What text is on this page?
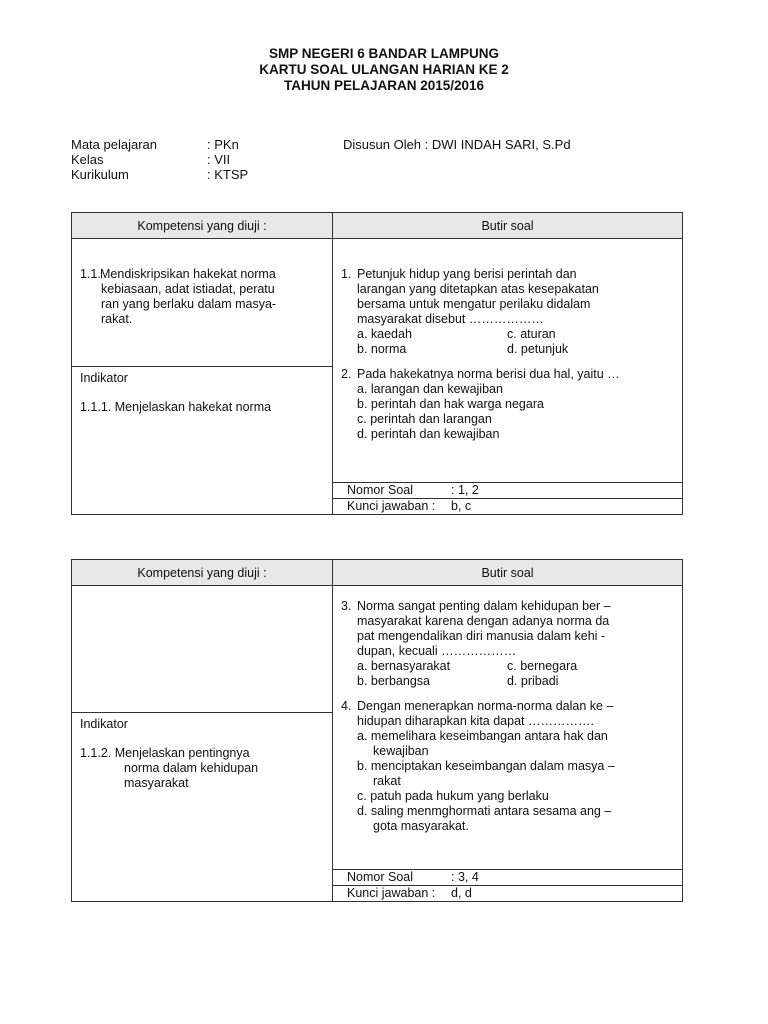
SMP NEGERI 6 BANDAR LAMPUNG
KARTU SOAL ULANGAN HARIAN KE 2
TAHUN PELAJARAN 2015/2016
Mata pelajaran	: PKn	Disusun Oleh : DWI INDAH SARI, S.Pd
Kelas	: VII
Kurikulum	: KTSP
Kompetensi yang diuji :	Butir soal
1.1.Mendiskripsikan hakekat norma
kebiasaan, adat istiadat, peratu
ran yang berlaku dalam masya-
rakat.
Indikator
1.1.1. Menjelaskan hakekat norma
1. Petunjuk hidup yang berisi perintah dan
larangan yang ditetapkan atas kesepakatan
bersama untuk mengatur perilaku didalam
masyarakat disebut ………………
a. kaedah	c. aturan
b. norma	d. petunjuk
2. Pada hakekatnya norma berisi dua hal, yaitu …
a. larangan dan kewajiban
b. perintah dan hak warga negara
c. perintah dan larangan
d. perintah dan kewajiban
Nomor Soal	: 1, 2
Kunci jawaban : b, c
Kompetensi yang diuji :	Butir soal
Indikator
1.1.2. Menjelaskan pentingnya
norma dalam kehidupan
masyarakat
3. Norma sangat penting dalam kehidupan ber –
masyarakat karena dengan adanya norma da
pat mengendalikan diri manusia dalam kehi -
dupan, kecuali ………………
a. bernasyarakat	c. bernegara
b. berbangsa	d. pribadi
4. Dengan menerapkan norma-norma dalan ke –
hidupan diharapkan kita dapat …………….
a. memelihara keseimbangan antara hak dan
kewajiban
b. menciptakan keseimbangan dalam masya –
rakat
c. patuh pada hukum yang berlaku
d. saling menmghormati antara sesama ang –
gota masyarakat.
Nomor Soal	: 3, 4
Kunci jawaban : d, d
